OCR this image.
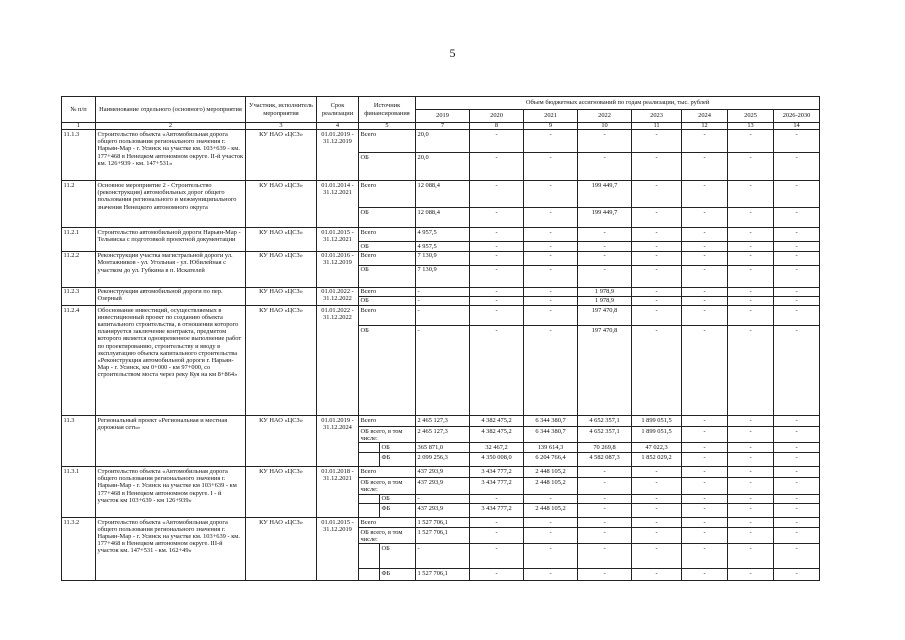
5
№ п/п	Наименование отдельного (основного) мероприятия	Участник, исполнитель мероприятия	Срок реализации	Источник финансирования		Объем бюджетных ассигнований по годам реализации, тыс. рублей							
						2019	2020	2021	2022	2023	2024	2025	2026-2030
1	2	3	4	5		7	8	9	10	11	12	13	14
11.1.3	Строительство объекта «Автомобильная дорога общего пользования регионального значения г. Нарьян-Мар - г. Усинск на участке км. 103+639 - км. 177+468 в Ненецком автономном округе. II-й участок км. 126+939 - км. 147+531»	КУ НАО «ЦСЗ»	01.01.2019 - 31.12.2019	Всего		20,0	-	-	-	-	-	-	-
				ОБ		20,0	-	-	-	-	-	-	-
11.2	Основное мероприятие 2 - Строительство (реконструкция) автомобильных дорог общего пользования регионального и межмуниципального значения Ненецкого автономного округа	КУ НАО «ЦСЗ»	01.01.2014 - 31.12.2021	Всего		12 088,4	-	-	199 449,7	-	-	-	-
				ОБ		12 088,4	-	-	199 449,7	-	-	-	-
11.2.1	Строительство автомобильной дороги Нарьян-Мар - Тельвиска с подготовкой проектной документации	КУ НАО «ЦСЗ»	01.01.2015 - 31.12.2021	Всего		4 957,5	-	-	-	-	-	-	-
				ОБ		4 957,5	-	-	-	-	-	-	-
11.2.2	Реконструкция участка магистральной дороги ул. Монтажников - ул. Угольная - ул. Юбилейная с участком до ул. Губкина в п. Искателей	КУ НАО «ЦСЗ»	01.01.2016 - 31.12.2019	Всего		7 130,9	-	-	-	-	-	-	-
				ОБ		7 130,9	-	-	-	-	-	-	-
11.2.3	Реконструкция автомобильной дороги по пер. Озерный	КУ НАО «ЦСЗ»	01.01.2022 - 31.12.2022	Всего		-	-	-	1 978,9	-	-	-	-
				ОБ		-	-	-	1 978,9	-	-	-	-
11.2.4	Обоснование инвестиций, осуществляемых в инвестиционный проект по созданию объекта капитального строительства, в отношении которого планируется заключение контракта, предметом которого является одновременное выполнение работ по проектированию, строительству и вводу в эксплуатацию объекта капитального строительства «Реконструкция автомобильной дороги г. Нарьян-Мар - г. Усинск, км 0+000 - км 97+000, со строительством моста через реку Куя на км 8+864»	КУ НАО «ЦСЗ»	01.01.2022 - 31.12.2022	Всего		-	-	-	197 470,8	-	-	-	-
				ОБ		-	-	-	197 470,8	-	-	-	-
11.3	Региональный проект «Региональная и местная дорожная сеть»	КУ НАО «ЦСЗ»	01.01.2019 - 31.12.2024	Всего		2 465 127,3	4 382 475,2	6 344 380,7	4 652 357,1	1 899 051,5	-	-	-
				ОБ всего, в том числе:		2 465 127,3	4 382 475,2	6 344 380,7	4 652 357,1	1 899 051,5	-	-	-
					ОБ	365 871,0	32 467,2	139 614,3	70 269,8	47 022,3	-	-	-
					ФБ	2 099 256,3	4 350 008,0	6 204 766,4	4 582 087,3	1 852 029,2	-	-	-
11.3.1	Строительство объекта «Автомобильная дорога общего пользования регионального значения г. Нарьян-Мар - г. Усинск на участке км 103+639 - км 177+468 в Ненецком автономном округе. I - й участок км 103+639 - км 126+939»	КУ НАО «ЦСЗ»	01.01.2018 - 31.12.2021	Всего		437 293,9	3 434 777,2	2 448 105,2	-	-	-	-	-
				ОБ всего, в том числе:		437 293,9	3 434 777,2	2 448 105,2	-	-	-	-	-
					ОБ	-	-	-	-	-	-	-	-
					ФБ	437 293,9	3 434 777,2	2 448 105,2	-	-	-	-	-
11.3.2	Строительство объекта «Автомобильная дорога общего пользования регионального значения г. Нарьян-Мар - г. Усинск на участке км. 103+639 - км. 177+468 в Ненецком автономном округе. III-й участок км. 147+531 - км. 162+49»	КУ НАО «ЦСЗ»	01.01.2015 - 31.12.2019	Всего		1 527 706,1	-	-	-	-	-	-	-
				ОБ всего, в том числе:		1 527 706,1	-	-	-	-	-	-	-
					ОБ	-	-	-	-	-	-	-	-
					ФБ	1 527 706,1	-	-	-	-	-	-	-
